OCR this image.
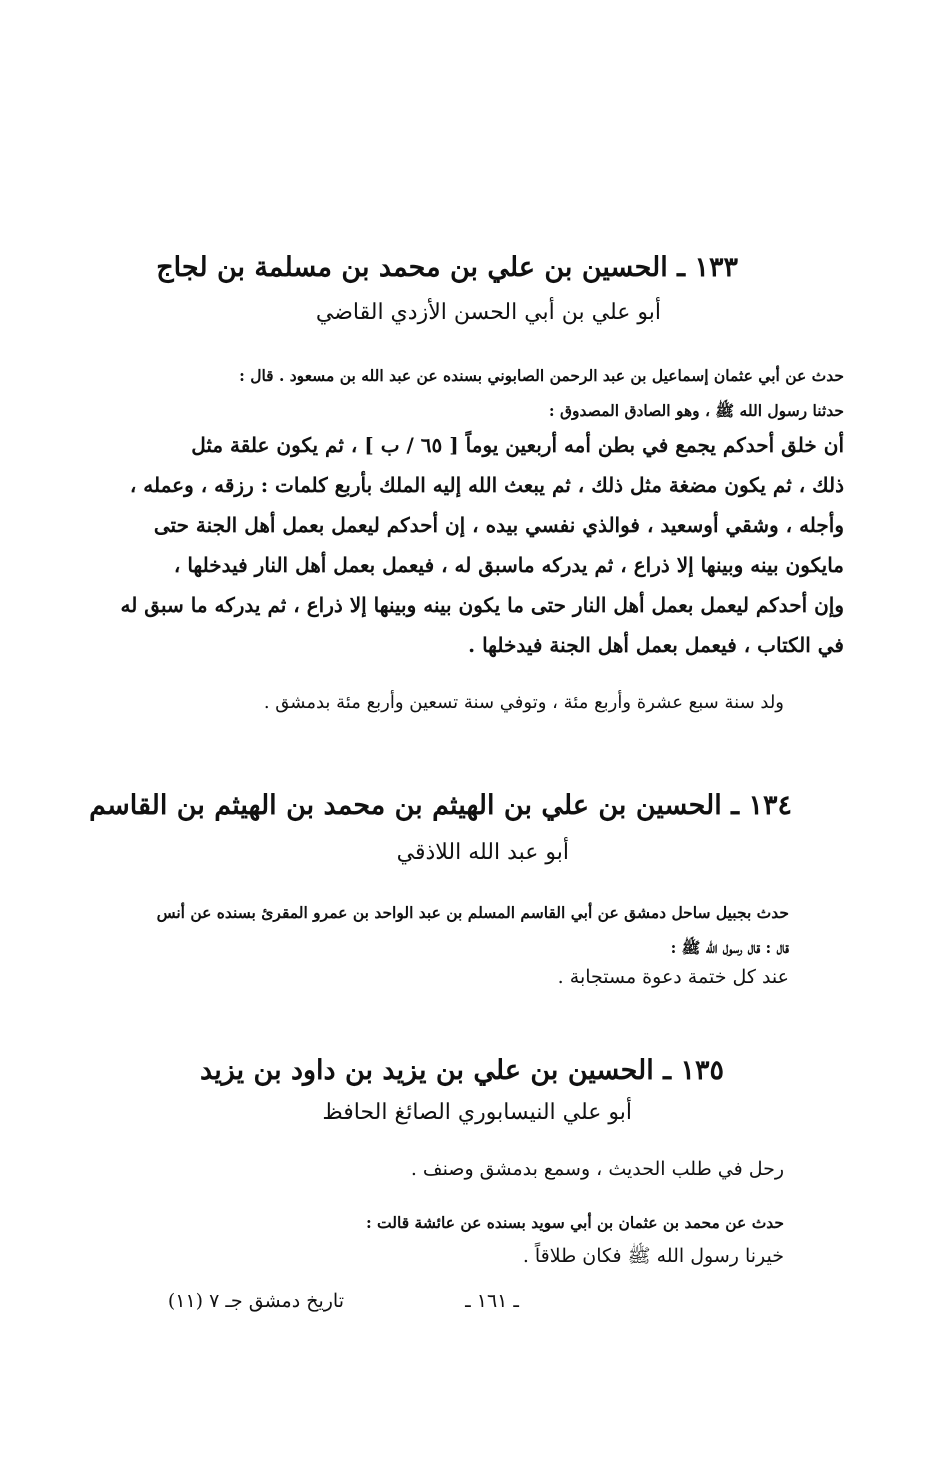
١٣٣ ـ الحسين بن علي بن محمد بن مسلمة بن لجاج
أبو علي بن أبي الحسن الأزدي القاضي
حدث عن أبي عثمان إسماعيل بن عبد الرحمن الصابوني بسنده عن عبد الله بن مسعود . قال :
حدثنا رسول الله ﷺ ، وهو الصادق المصدوق :
أن خلق أحدكم يجمع في بطن أمه أربعين يوماً [ ٦٥ / ب ] ، ثم يكون علقة مثل
ذلك ، ثم يكون مضغة مثل ذلك ، ثم يبعث الله إليه الملك بأربع كلمات : رزقه ، وعمله ،
وأجله ، وشقي أوسعيد ، فوالذي نفسي بيده ، إن أحدكم ليعمل بعمل أهل الجنة حتى
مايكون بينه وبينها إلا ذراع ، ثم يدركه ماسبق له ، فيعمل بعمل أهل النار فيدخلها ،
وإن أحدكم ليعمل بعمل أهل النار حتى ما يكون بينه وبينها إلا ذراع ، ثم يدركه ما سبق له
في الكتاب ، فيعمل بعمل أهل الجنة فيدخلها .
ولد سنة سبع عشرة وأربع مئة ، وتوفي سنة تسعين وأربع مئة بدمشق .
١٣٤ ـ الحسين بن علي بن الهيثم بن محمد بن الهيثم بن القاسم
أبو عبد الله اللاذقي
حدث بجبيل ساحل دمشق عن أبي القاسم المسلم بن عبد الواحد بن عمرو المقرئ بسنده عن أنس
قال : قال رسول الله ﷺ :
عند كل ختمة دعوة مستجابة .
١٣٥ ـ الحسين بن علي بن يزيد بن داود بن يزيد
أبو علي النيسابوري الصائغ الحافظ
رحل في طلب الحديث ، وسمع بدمشق وصنف .
حدث عن محمد بن عثمان بن أبي سويد بسنده عن عائشة قالت :
خيرنا رسول الله ﷺ فكان طلاقاً .
ـ ١٦١ ـ
تاريخ دمشق جـ ٧ (١١)
